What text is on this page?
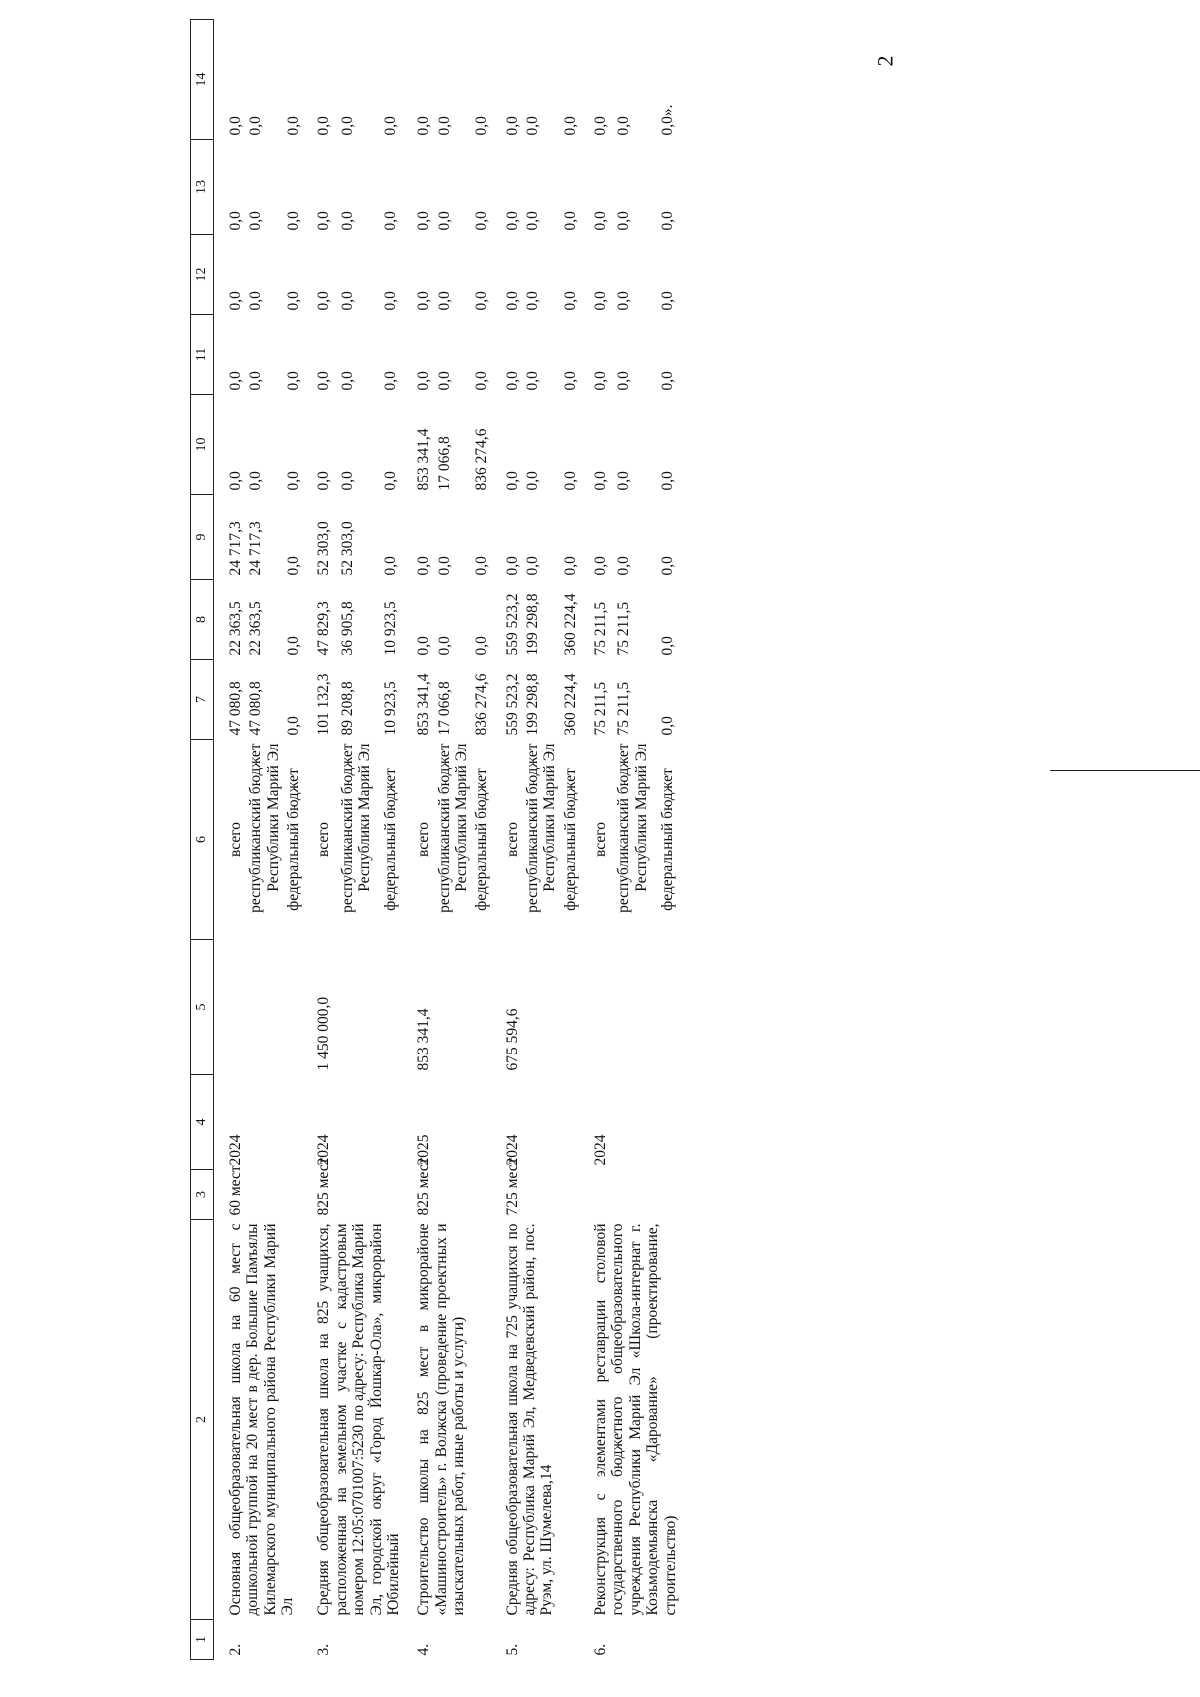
2
1	2	3	4	5	6	7	8	9	10	11	12	13	14

2.	Основная общеобразовательная школа на 60 мест с дошкольной группой на 20 мест в дер. Большие Памъялы Килемарского муниципального района Республики Марий Эл	60 мест	2024		всего	47 080,8	22 363,5	24 717,3	0,0	0,0	0,0	0,0	0,0
					республиканский бюджет Республики Марий Эл	47 080,8	22 363,5	24 717,3	0,0	0,0	0,0	0,0	0,0
					федеральный бюджет	0,0	0,0	0,0	0,0	0,0	0,0	0,0	0,0

3.	Средняя общеобразовательная школа на 825 учащихся, расположенная на земельном участке с кадастровым номером 12:05:0701007:5230 по адресу: Республика Марий Эл, городской округ «Город Йошкар-Ола», микрорайон Юбилейный	825 мест	2024	1 450 000,0	всего	101 132,3	47 829,3	52 303,0	0,0	0,0	0,0	0,0	0,0
					республиканский бюджет Республики Марий Эл	89 208,8	36 905,8	52 303,0	0,0	0,0	0,0	0,0	0,0
					федеральный бюджет	10 923,5	10 923,5	0,0	0,0	0,0	0,0	0,0	0,0

4.	Строительство школы на 825 мест в микрорайоне «Машиностроитель» г. Волжска (проведение проектных и изыскательных работ, иные работы и услуги)	825 мест	2025	853 341,4	всего	853 341,4	0,0	0,0	853 341,4	0,0	0,0	0,0	0,0
					республиканский бюджет Республики Марий Эл	17 066,8	0,0	0,0	17 066,8	0,0	0,0	0,0	0,0
					федеральный бюджет	836 274,6	0,0	0,0	836 274,6	0,0	0,0	0,0	0,0

5.	Средняя общеобразовательная школа на 725 учащихся по адресу: Республика Марий Эл, Медведевский район, пос. Руэм, ул. Шумелева,14	725 мест	2024	675 594,6	всего	559 523,2	559 523,2	0,0	0,0	0,0	0,0	0,0	0,0
					республиканский бюджет Республики Марий Эл	199 298,8	199 298,8	0,0	0,0	0,0	0,0	0,0	0,0
					федеральный бюджет	360 224,4	360 224,4	0,0	0,0	0,0	0,0	0,0	0,0

6.	Реконструкция с элементами реставрации столовой государственного бюджетного общеобразовательного учреждения Республики Марий Эл «Школа-интернат г. Козьмодемьянска «Дарование» (проектирование, строительство)		2024		всего	75 211,5	75 211,5	0,0	0,0	0,0	0,0	0,0	0,0
					республиканский бюджет Республики Марий Эл	75 211,5	75 211,5	0,0	0,0	0,0	0,0	0,0	0,0
					федеральный бюджет	0,0	0,0	0,0	0,0	0,0	0,0	0,0	0,0».
